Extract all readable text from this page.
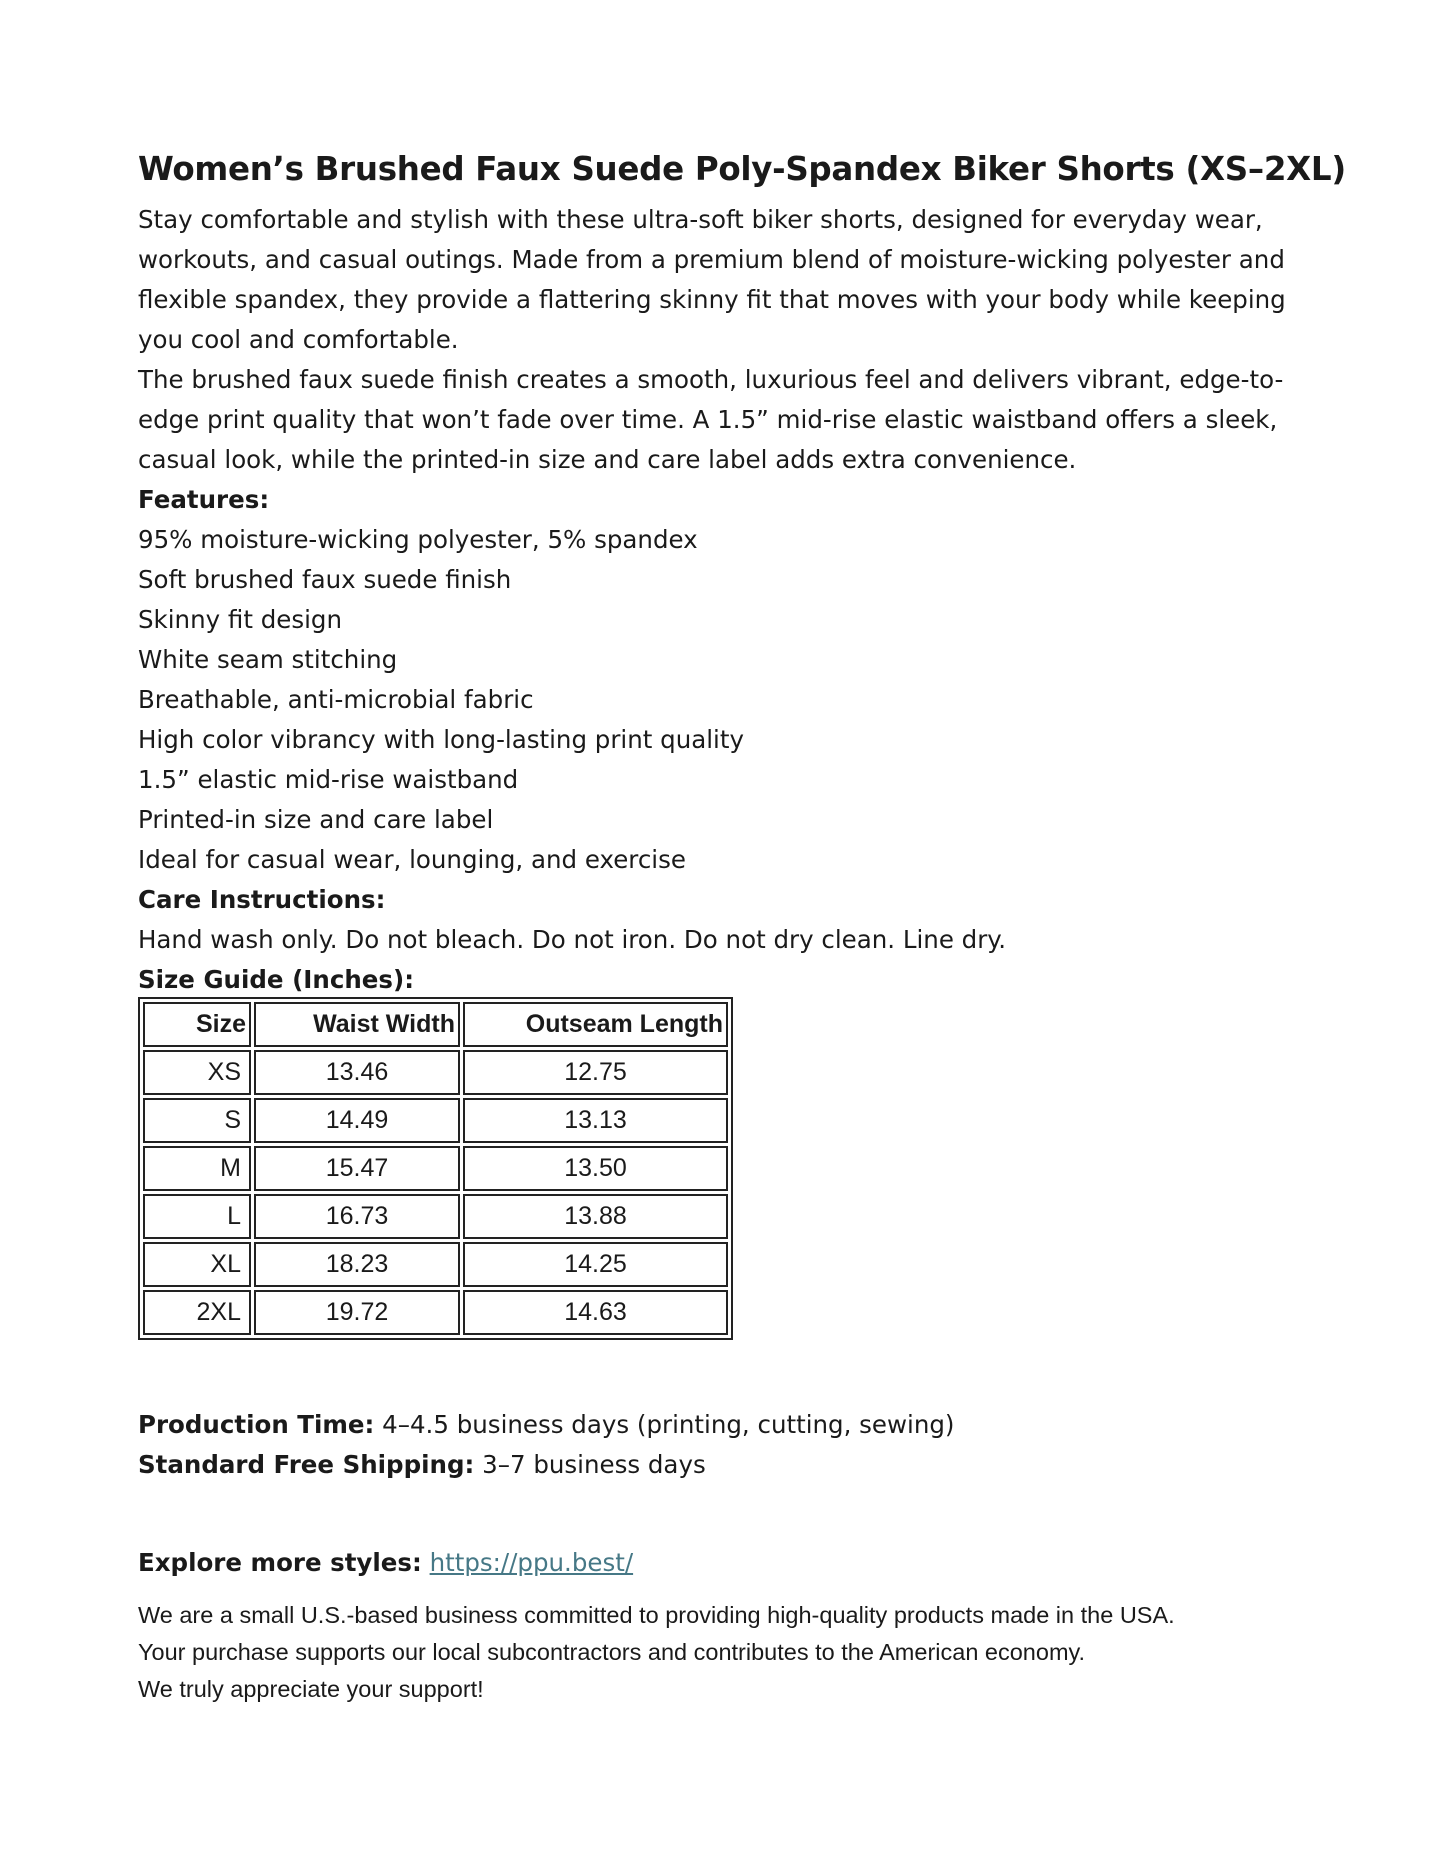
Women’s Brushed Faux Suede Poly-Spandex Biker Shorts (XS–2XL)

Stay comfortable and stylish with these ultra-soft biker shorts, designed for everyday wear, workouts, and casual outings. Made from a premium blend of moisture-wicking polyester and flexible spandex, they provide a flattering skinny fit that moves with your body while keeping you cool and comfortable.

The brushed faux suede finish creates a smooth, luxurious feel and delivers vibrant, edge-to-edge print quality that won’t fade over time. A 1.5” mid-rise elastic waistband offers a sleek, casual look, while the printed-in size and care label adds extra convenience.

Features:

95% moisture-wicking polyester, 5% spandex

Soft brushed faux suede finish

Skinny fit design

White seam stitching

Breathable, anti-microbial fabric

High color vibrancy with long-lasting print quality

1.5” elastic mid-rise waistband

Printed-in size and care label

Ideal for casual wear, lounging, and exercise

Care Instructions:

Hand wash only. Do not bleach. Do not iron. Do not dry clean. Line dry.

Size Guide (Inches):

Size	Waist Width	Outseam Length
XS	13.46	12.75
S	14.49	13.13
M	15.47	13.50
L	16.73	13.88
XL	18.23	14.25
2XL	19.72	14.63

Production Time: 4–4.5 business days (printing, cutting, sewing)

Standard Free Shipping: 3–7 business days

Explore more styles: https://ppu.best/

We are a small U.S.-based business committed to providing high-quality products made in the USA.

Your purchase supports our local subcontractors and contributes to the American economy.

We truly appreciate your support!
